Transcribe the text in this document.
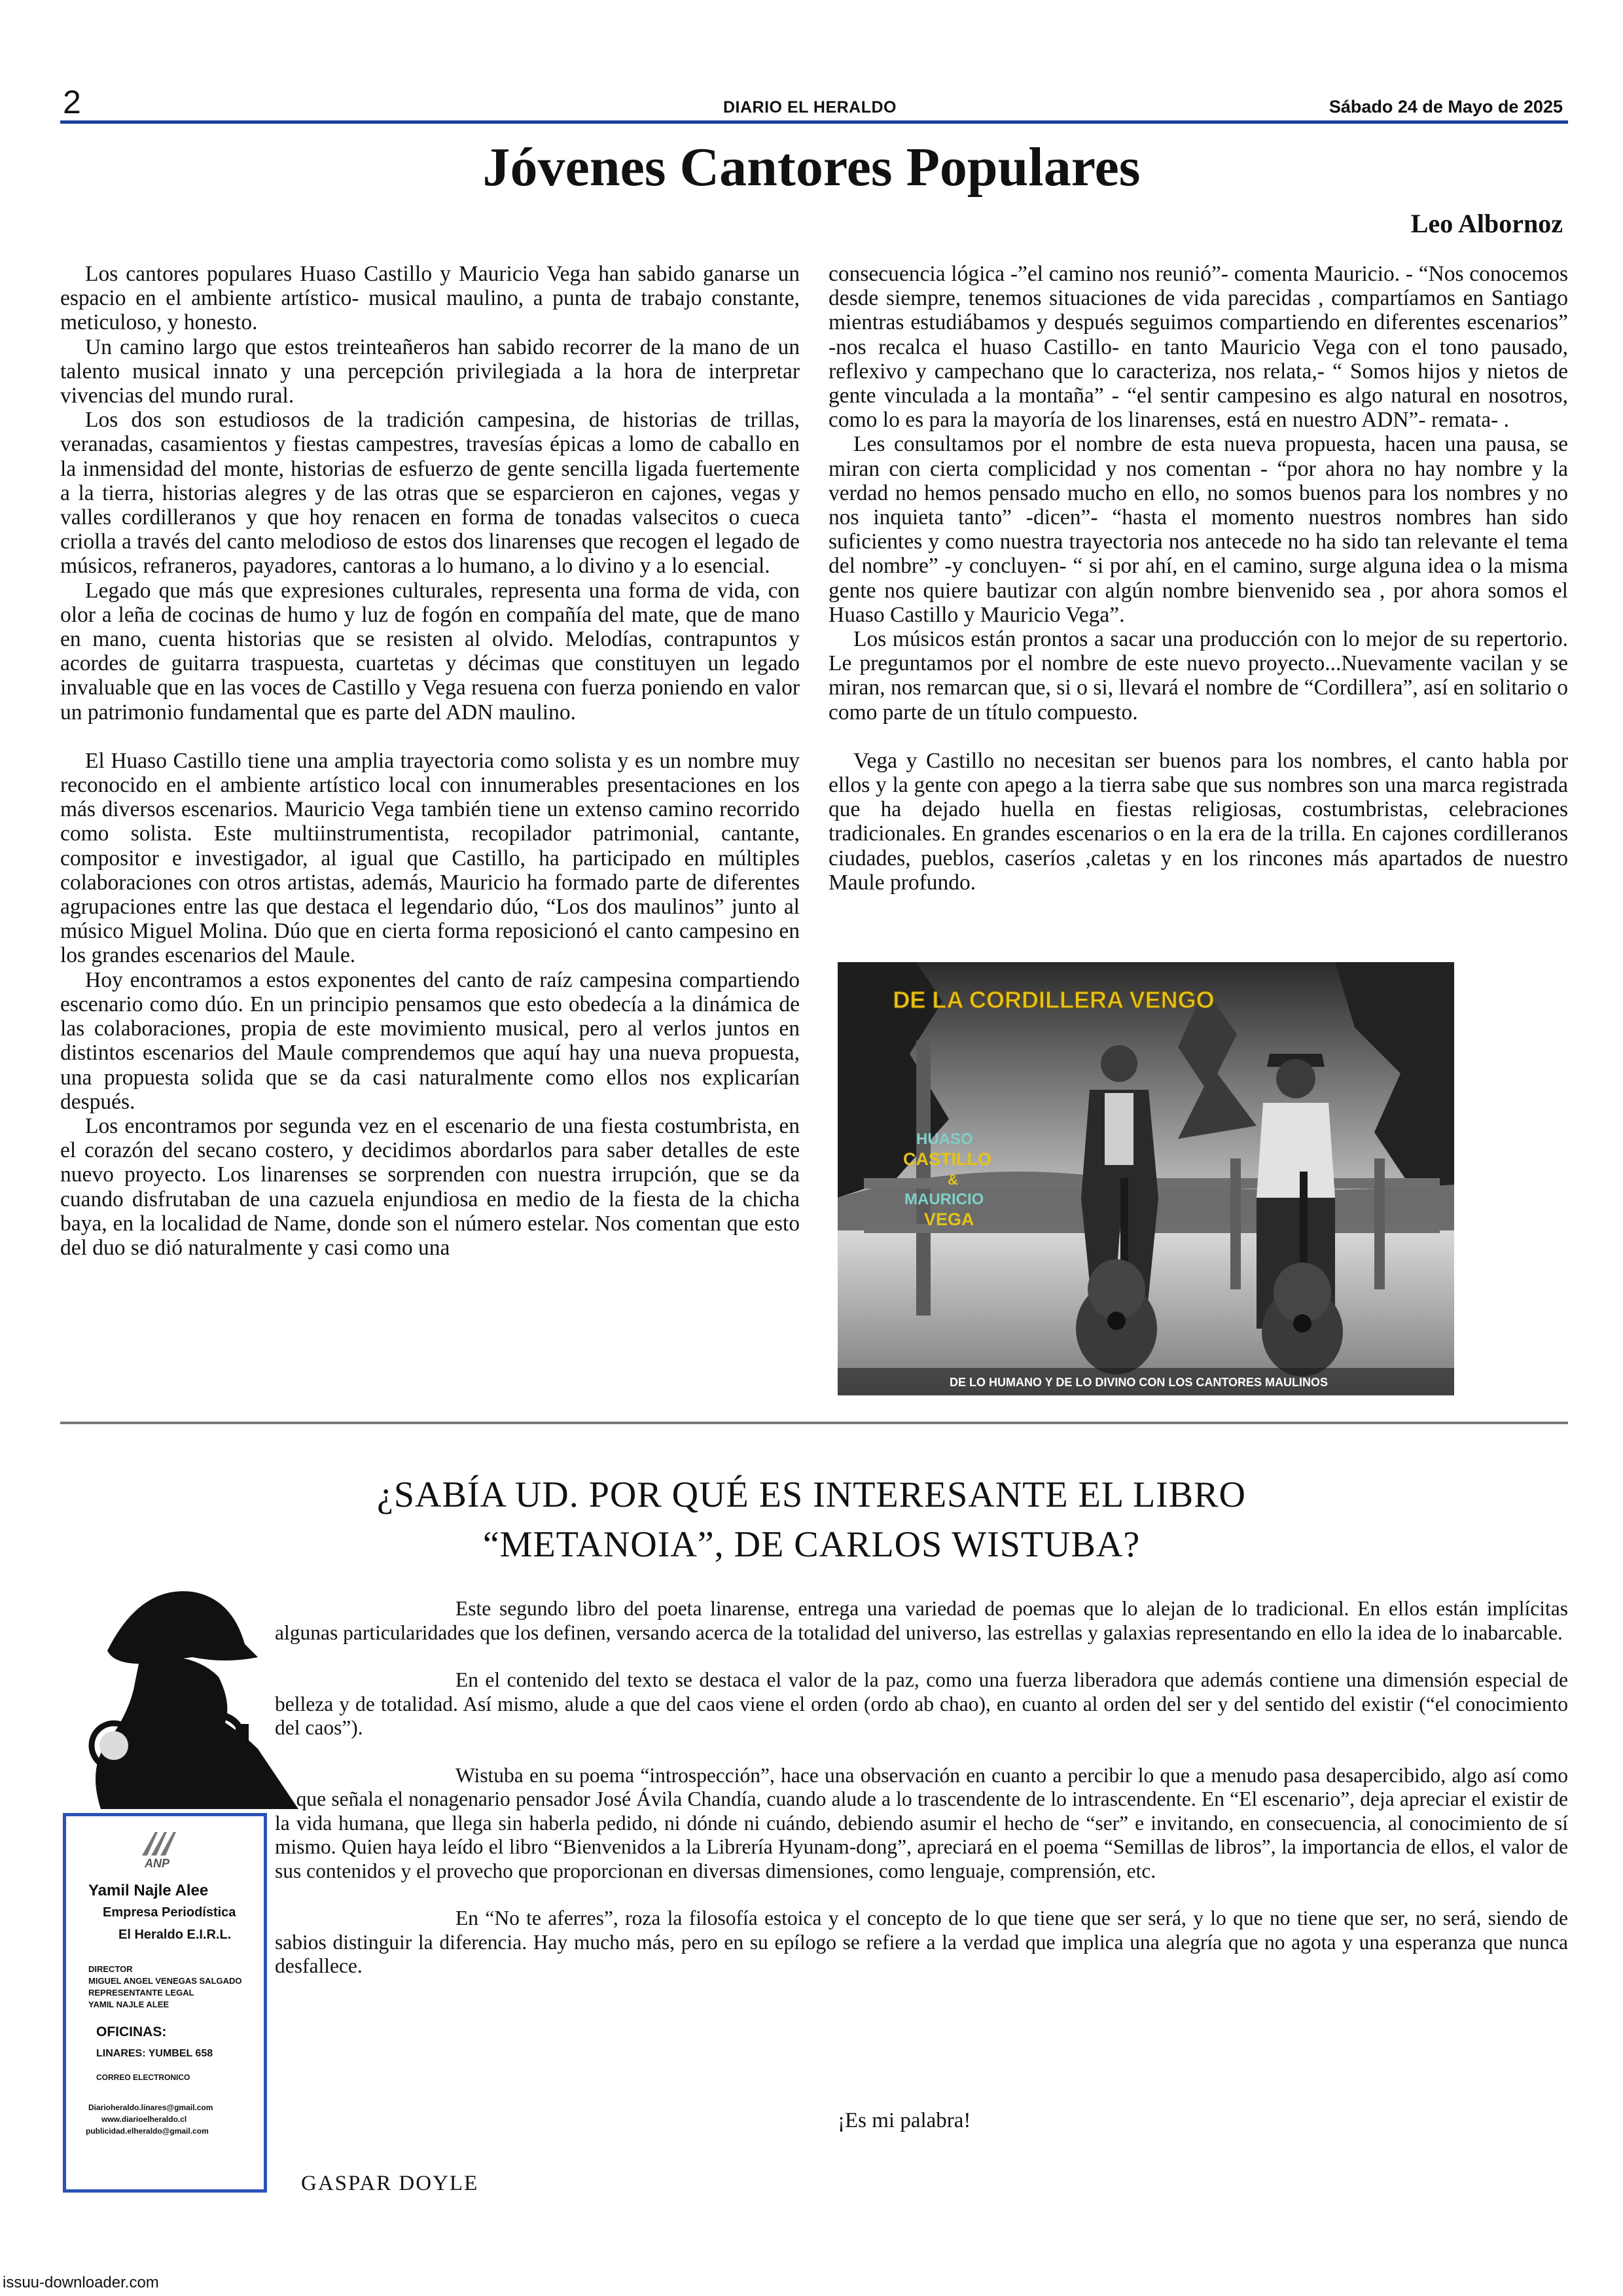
2	DIARIO EL HERALDO	Sábado 24 de Mayo de 2025
Jóvenes Cantores Populares
Leo Albornoz

Los cantores populares Huaso Castillo y Mauricio Vega han sabido ganarse un espacio en el ambiente artístico- musical maulino, a punta de trabajo constante, meticuloso, y honesto.

Un camino largo que estos treinteañeros han sabido recorrer de la mano de un talento musical innato y una percepción privilegiada a la hora de interpretar vivencias del mundo rural.

Los dos son estudiosos de la tradición campesina, de historias de trillas, veranadas, casamientos y fiestas campestres, travesías épicas a lomo de caballo en la inmensidad del monte, historias de esfuerzo de gente sencilla ligada fuertemente a la tierra, historias alegres y de las otras que se esparcieron en cajones, vegas y valles cordilleranos y que hoy renacen en forma de tonadas valsecitos o cueca criolla a través del canto melodioso de estos dos linarenses que recogen el legado de músicos, refraneros, payadores, cantoras a lo humano, a lo divino y a lo esencial.

Legado que más que expresiones culturales, representa una forma de vida, con olor a leña de cocinas de humo y luz de fogón en compañía del mate, que de mano en mano, cuenta historias que se resisten al olvido. Melodías, contrapuntos y acordes de guitarra traspuesta, cuartetas y décimas que constituyen un legado invaluable que en las voces de Castillo y Vega resuena con fuerza poniendo en valor un patrimonio fundamental que es parte del ADN maulino.

El Huaso Castillo tiene una amplia trayectoria como solista y es un nombre muy reconocido en el ambiente artístico local con innumerables presentaciones en los más diversos escenarios. Mauricio Vega también tiene un extenso camino recorrido como solista. Este multiinstrumentista, recopilador patrimonial, cantante, compositor e investigador, al igual que Castillo, ha participado en múltiples colaboraciones con otros artistas, además, Mauricio ha formado parte de diferentes agrupaciones entre las que destaca el legendario dúo, “Los dos maulinos” junto al músico Miguel Molina. Dúo que en cierta forma reposicionó el canto campesino en los grandes escenarios del Maule.

Hoy encontramos a estos exponentes del canto de raíz campesina compartiendo escenario como dúo. En un principio pensamos que esto obedecía a la dinámica de las colaboraciones, propia de este movimiento musical, pero al verlos juntos en distintos escenarios del Maule comprendemos que aquí hay una nueva propuesta, una propuesta solida que se da casi naturalmente como ellos nos explicarían después.

Los encontramos por segunda vez en el escenario de una fiesta costumbrista, en el corazón del secano costero, y decidimos abordarlos para saber detalles de este nuevo proyecto. Los linarenses se sorprenden con nuestra irrupción, que se da cuando disfrutaban de una cazuela enjundiosa en medio de la fiesta de la chicha baya, en la localidad de Name, donde son el número estelar. Nos comentan que esto del duo se dió naturalmente y casi como una

consecuencia lógica -”el camino nos reunió”- comenta Mauricio. - “Nos conocemos desde siempre, tenemos situaciones de vida parecidas , compartíamos en Santiago mientras estudiábamos y después seguimos compartiendo en diferentes escenarios” -nos recalca el huaso Castillo- en tanto Mauricio Vega con el tono pausado, reflexivo y campechano que lo caracteriza, nos relata,- “ Somos hijos y nietos de gente vinculada a la montaña” - “el sentir campesino es algo natural en nosotros, como lo es para la mayoría de los linarenses, está en nuestro ADN”- remata- .

Les consultamos por el nombre de esta nueva propuesta, hacen una pausa, se miran con cierta complicidad y nos comentan - “por ahora no hay nombre y la verdad no hemos pensado mucho en ello, no somos buenos para los nombres y no nos inquieta tanto” -dicen”- “hasta el momento nuestros nombres han sido suficientes y como nuestra trayectoria nos antecede no ha sido tan relevante el tema del nombre” -y concluyen- “ si por ahí, en el camino, surge alguna idea o la misma gente nos quiere bautizar con algún nombre bienvenido sea , por ahora somos el Huaso Castillo y Mauricio Vega”.

Los músicos están prontos a sacar una producción con lo mejor de su repertorio. Le preguntamos por el nombre de este nuevo proyecto...Nuevamente vacilan y se miran, nos remarcan que, si o si, llevará el nombre de “Cordillera”, así en solitario o como parte de un título compuesto.

Vega y Castillo no necesitan ser buenos para los nombres, el canto habla por ellos y la gente con apego a la tierra sabe que sus nombres son una marca registrada que ha dejado huella en fiestas religiosas, costumbristas, celebraciones tradicionales. En grandes escenarios o en la era de la trilla. En cajones cordilleranos ciudades, pueblos, caseríos ,caletas y en los rincones más apartados de nuestro Maule profundo.

DE LA CORDILLERA VENGO
HUASO
CASTILLO
&
MAURICIO
VEGA
DE LO HUMANO Y DE LO DIVINO CON LOS CANTORES MAULINOS
¿SABÍA UD. POR QUÉ ES INTERESANTE EL LIBRO
“METANOIA”, DE CARLOS WISTUBA?

Este segundo libro del poeta linarense, entrega una variedad de poemas que lo alejan de lo tradicional. En ellos están implícitas algunas particularidades que los definen, versando acerca de la totalidad del universo, las estrellas y galaxias representando en ello la idea de lo inabarcable.

En el contenido del texto se destaca el valor de la paz, como una fuerza liberadora que además contiene una dimensión especial de belleza y de totalidad. Así mismo, alude a que del caos viene el orden (ordo ab chao), en cuanto al orden del ser y del sentido del existir (“el conocimiento del caos”).

Wistuba en su poema “introspección”, hace una observación en cuanto a percibir lo que a menudo pasa desapercibido, algo así como lo que señala el nonagenario pensador José Ávila Chandía, cuando alude a lo trascendente de lo intrascendente. En “El escenario”, deja apreciar el existir de la vida humana, que llega sin haberla pedido, ni dónde ni cuándo, debiendo asumir el hecho de “ser” e invitando, en consecuencia, al conocimiento de sí mismo. Quien haya leído el libro “Bienvenidos a la Librería Hyunam-dong”, apreciará en el poema “Semillas de libros”, la importancia de ellos, el valor de sus contenidos y el provecho que proporcionan en diversas dimensiones, como lenguaje, comprensión, etc.

En “No te aferres”, roza la filosofía estoica y el concepto de lo que tiene que ser será, y lo que no tiene que ser, no será, siendo de sabios distinguir la diferencia. Hay mucho más, pero en su epílogo se refiere a la verdad que implica una alegría que no agota y una esperanza que nunca desfallece.

¡Es mi palabra!
GASPAR DOYLE
ANP
Yamil Najle Alee
Empresa Periodística
El Heraldo E.I.R.L.
DIRECTOR
MIGUEL ANGEL VENEGAS SALGADO
REPRESENTANTE LEGAL
YAMIL NAJLE ALEE
OFICINAS:
LINARES: YUMBEL 658
CORREO ELECTRONICO
Diarioheraldo.linares@gmail.com
www.diarioelheraldo.cl
publicidad.elheraldo@gmail.com
issuu-downloader.com
